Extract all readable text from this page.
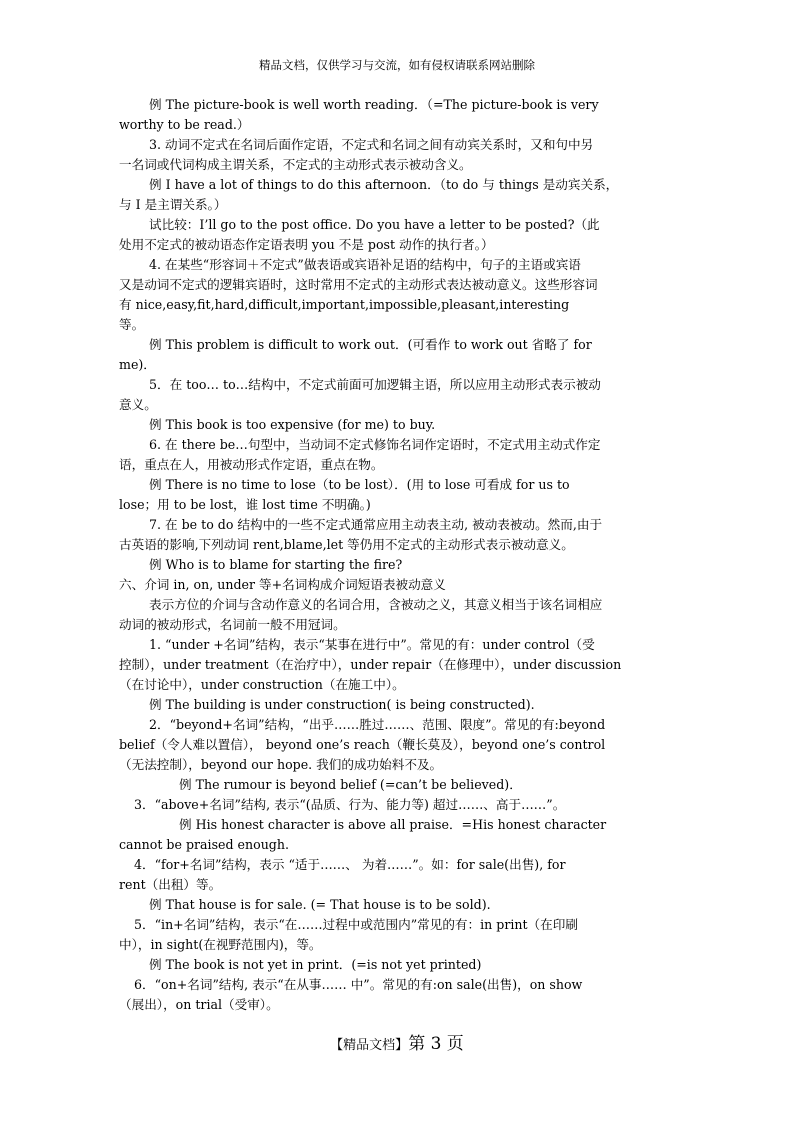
精品文档，仅供学习与交流，如有侵权请联系网站删除

例 The picture-book is well worth reading．（=The picture-book is very

worthy to be read.）

3. 动词不定式在名词后面作定语，不定式和名词之间有动宾关系时，又和句中另

一名词或代词构成主谓关系，不定式的主动形式表示被动含义。

例 I have a lot of things to do this afternoon．（to do 与 things 是动宾关系，

与 I 是主谓关系。）

试比较：I’ll go to the post office. Do you have a letter to be posted?（此

处用不定式的被动语态作定语表明 you 不是 post 动作的执行者。）

4. 在某些“形容词＋不定式”做表语或宾语补足语的结构中，句子的主语或宾语

又是动词不定式的逻辑宾语时，这时常用不定式的主动形式表达被动意义。这些形容词

有 nice,easy,fit,hard,difficult,important,impossible,pleasant,interesting

等。

例 This problem is difficult to work out．(可看作 to work out 省略了 for

me)．

5．在 too… to…结构中，不定式前面可加逻辑主语，所以应用主动形式表示被动

意义。

例 This book is too expensive (for me) to buy.

6. 在 there be…句型中，当动词不定式修饰名词作定语时，不定式用主动式作定

语，重点在人，用被动形式作定语，重点在物。

例 There is no time to lose（to be lost）．(用 to lose 可看成 for us to

lose；用 to be lost，谁 lost time 不明确。)

7. 在 be to do 结构中的一些不定式通常应用主动表主动, 被动表被动。然而,由于

古英语的影响,下列动词 rent,blame,let 等仍用不定式的主动形式表示被动意义。

例 Who is to blame for starting the fire?

六、介词 in, on, under 等+名词构成介词短语表被动意义

表示方位的介词与含动作意义的名词合用，含被动之义，其意义相当于该名词相应

动词的被动形式，名词前一般不用冠词。

1. “under +名词”结构，表示“某事在进行中”。常见的有：under control（受

控制），under treatment（在治疗中），under repair（在修理中），under discussion

（在讨论中），under construction（在施工中）。

例 The building is under construction( is being constructed).

2．“beyond+名词”结构，“出乎……胜过……、范围、限度”。常见的有:beyond

belief（令人难以置信）， beyond one’s reach（鞭长莫及），beyond one’s control

（无法控制），beyond our hope. 我们的成功始料不及。

例 The rumour is beyond belief (=can’t be believed)．

3．“above+名词”结构, 表示“(品质、行为、能力等) 超过……、高于……”。

例 His honest character is above all praise．=His honest character

cannot be praised enough.

4．“for+名词”结构，表示 “适于……、 为着……”。如：for sale(出售), for

rent（出租）等。

例 That house is for sale. (= That house is to be sold).

5．“in+名词”结构，表示“在……过程中或范围内”常见的有：in print（在印刷

中），in sight(在视野范围内)，等。

例 The book is not yet in print．(=is not yet printed)

6．“on+名词”结构, 表示“在从事…… 中”。常见的有:on sale(出售)，on show

（展出），on trial（受审）。

【精品文档】第 3 页
